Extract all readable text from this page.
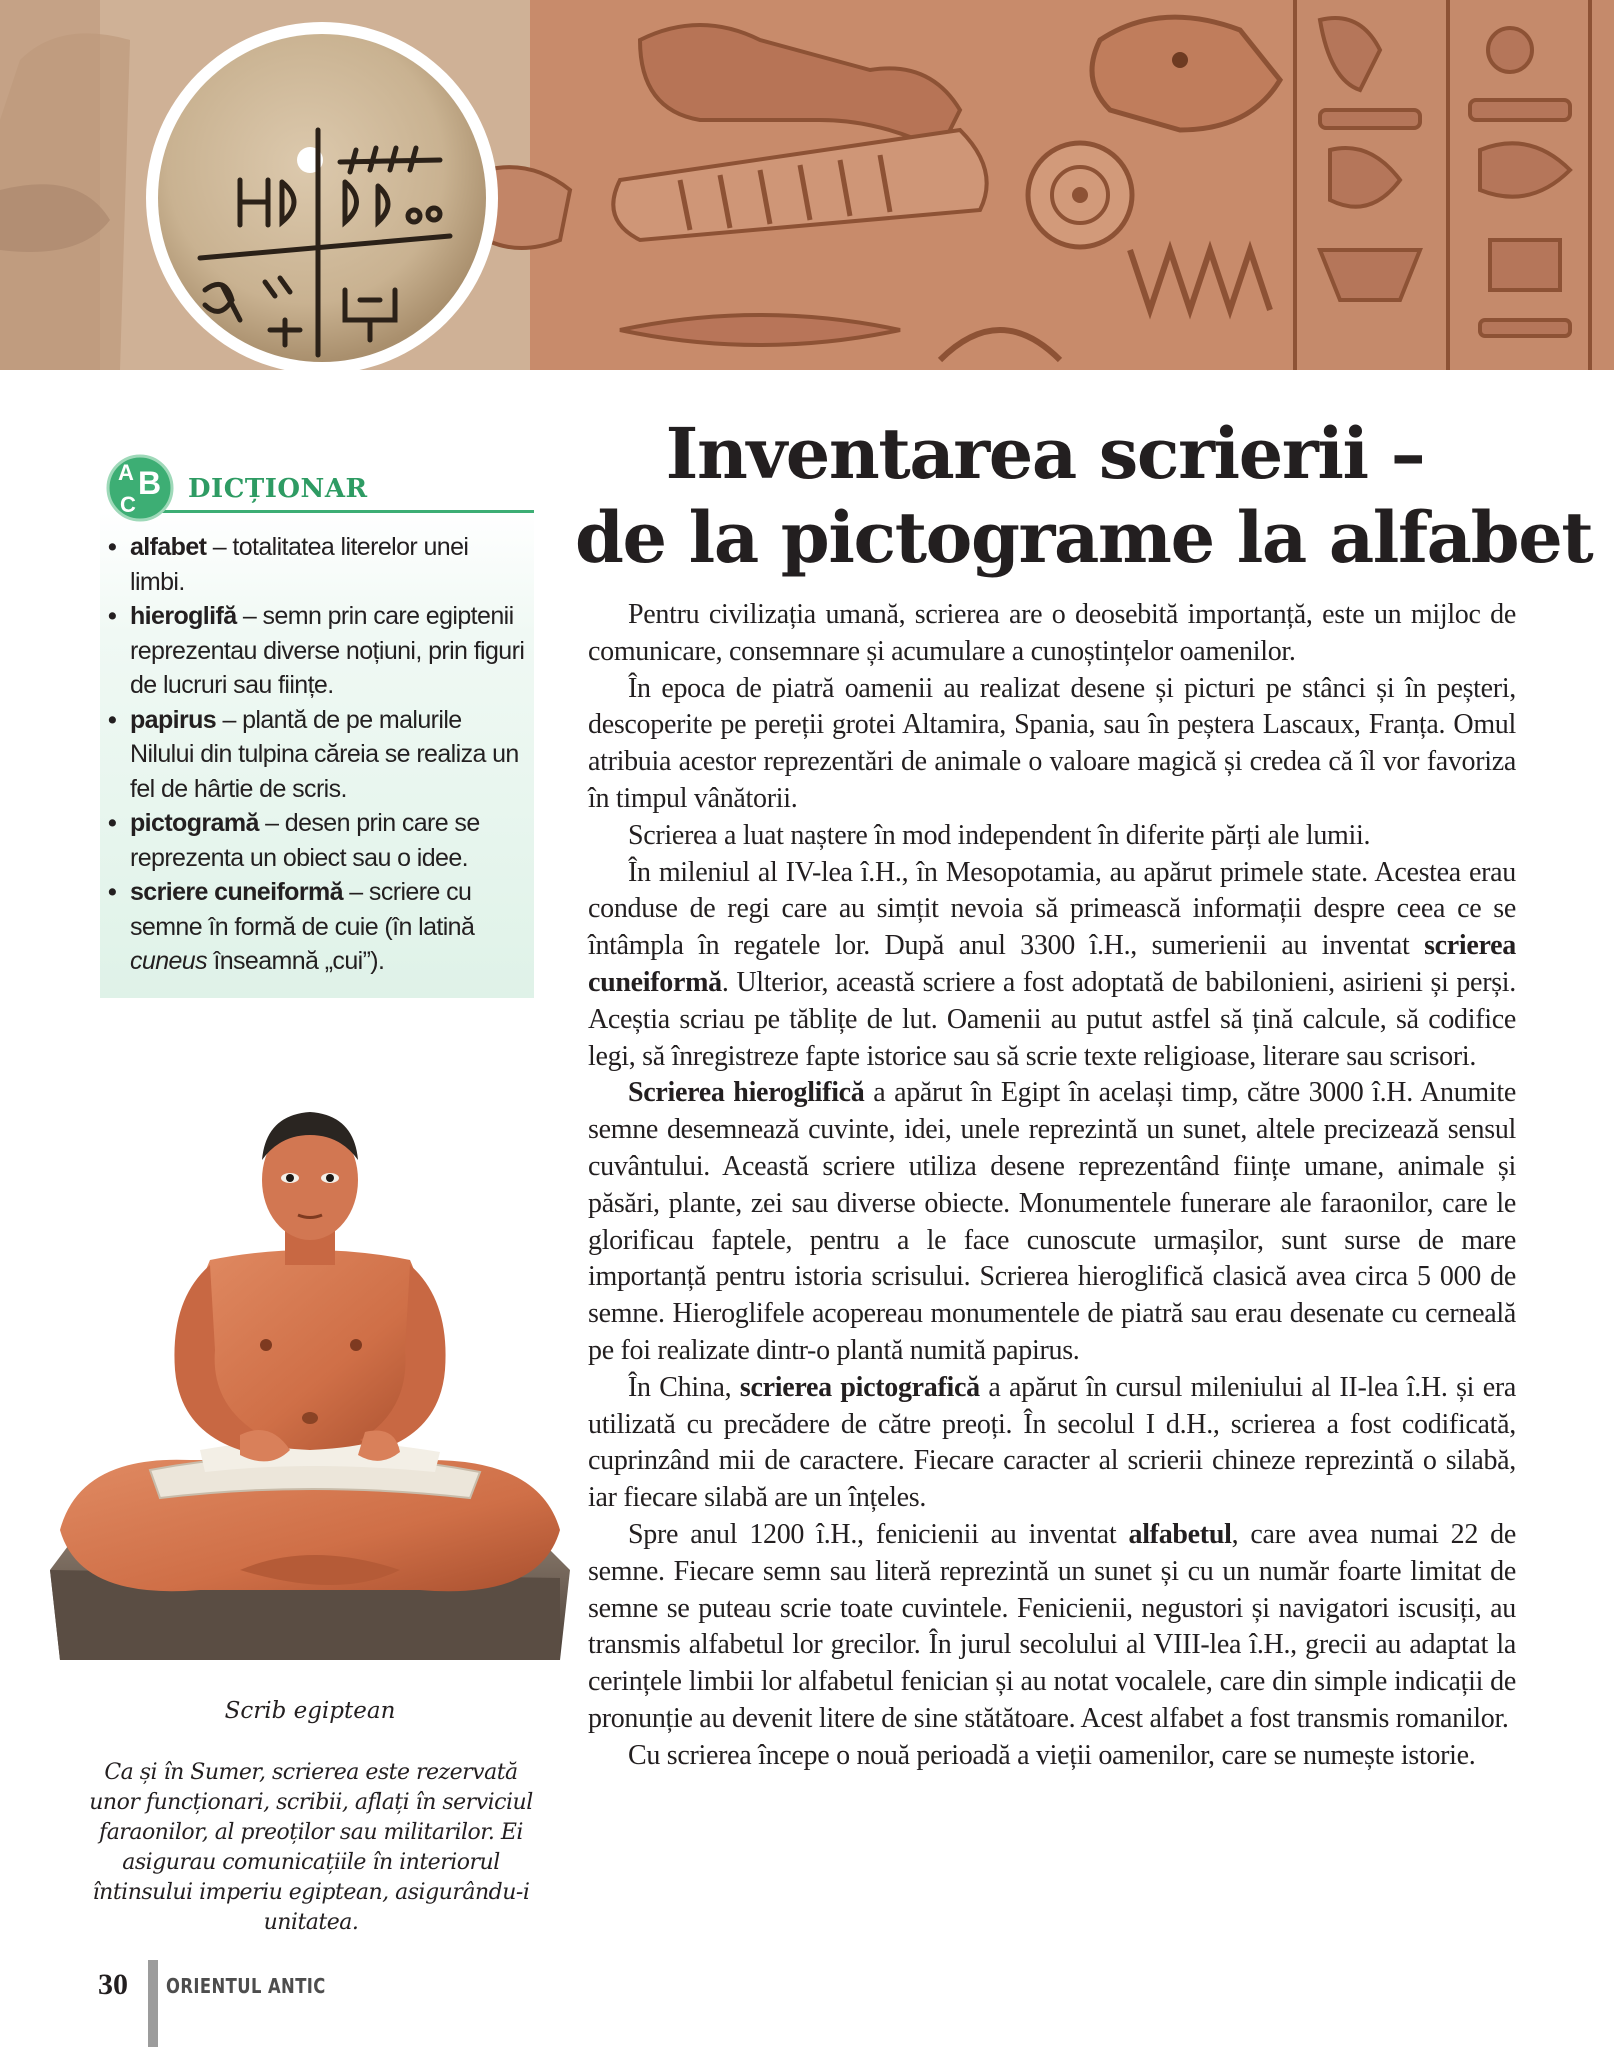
A B
C
DICȚIONAR
• alfabet – totalitatea literelor unei limbi.
• hieroglifă – semn prin care egiptenii reprezentau diverse noțiuni, prin figuri de lucruri sau ființe.
• papirus – plantă de pe malurile Nilului din tulpina căreia se realiza un fel de hârtie de scris.
• pictogramă – desen prin care se reprezenta un obiect sau o idee.
• scriere cuneiformă – scriere cu semne în formă de cuie (în latină cuneus înseamnă „cui”).
Scrib egiptean
Ca și în Sumer, scrierea este rezervată unor funcționari, scribii, aflați în serviciul faraonilor, al preoților sau militarilor. Ei asigurau comunicațiile în interiorul întinsului imperiu egiptean, asigurându-i unitatea.
Inventarea scrierii –
de la pictograme la alfabet

Pentru civilizația umană, scrierea are o deosebită importanță, este un mijloc de comunicare, consemnare și acumulare a cunoștințelor oamenilor.

În epoca de piatră oamenii au realizat desene și picturi pe stânci și în peșteri, descoperite pe pereții grotei Altamira, Spania, sau în peștera Lascaux, Franța. Omul atribuia acestor reprezentări de animale o valoare magică și credea că îl vor favoriza în timpul vânătorii.

Scrierea a luat naștere în mod independent în diferite părți ale lumii.

În mileniul al IV-lea î.H., în Mesopotamia, au apărut primele state. Acestea erau conduse de regi care au simțit nevoia să primească informații despre ceea ce se întâmpla în regatele lor. După anul 3300 î.H., sumerienii au inventat scrierea cuneiformă. Ulterior, această scriere a fost adoptată de babilonieni, asirieni și perși. Aceștia scriau pe tăblițe de lut. Oamenii au putut astfel să țină calcule, să codifice legi, să înregistreze fapte istorice sau să scrie texte religioase, literare sau scrisori.

Scrierea hieroglifică a apărut în Egipt în același timp, către 3000 î.H. Anumite semne desemnează cuvinte, idei, unele reprezintă un sunet, altele precizează sensul cuvântului. Această scriere utiliza desene reprezentând ființe umane, animale și păsări, plante, zei sau diverse obiecte. Monumentele funerare ale faraonilor, care le glorificau faptele, pentru a le face cunoscute urmașilor, sunt surse de mare importanță pentru istoria scrisului. Scrierea hieroglifică clasică avea circa 5 000 de semne. Hieroglifele acopereau monumentele de piatră sau erau desenate cu cerneală pe foi realizate dintr-o plantă numită papirus.

În China, scrierea pictografică a apărut în cursul mileniului al II-lea î.H. și era utilizată cu precădere de către preoți. În secolul I d.H., scrierea a fost codificată, cuprinzând mii de caractere. Fiecare caracter al scrierii chineze reprezintă o silabă, iar fiecare silabă are un înțeles.

Spre anul 1200 î.H., fenicienii au inventat alfabetul, care avea numai 22 de semne. Fiecare semn sau literă reprezintă un sunet și cu un număr foarte limitat de semne se puteau scrie toate cuvintele. Fenicienii, negustori și navigatori iscusiți, au transmis alfabetul lor grecilor. În jurul secolului al VIII-lea î.H., grecii au adaptat la cerințele limbii lor alfabetul fenician și au notat vocalele, care din simple indicații de pronunție au devenit litere de sine stătătoare. Acest alfabet a fost transmis romanilor.

Cu scrierea începe o nouă perioadă a vieții oamenilor, care se numește istorie.

30 ORIENTUL ANTIC
